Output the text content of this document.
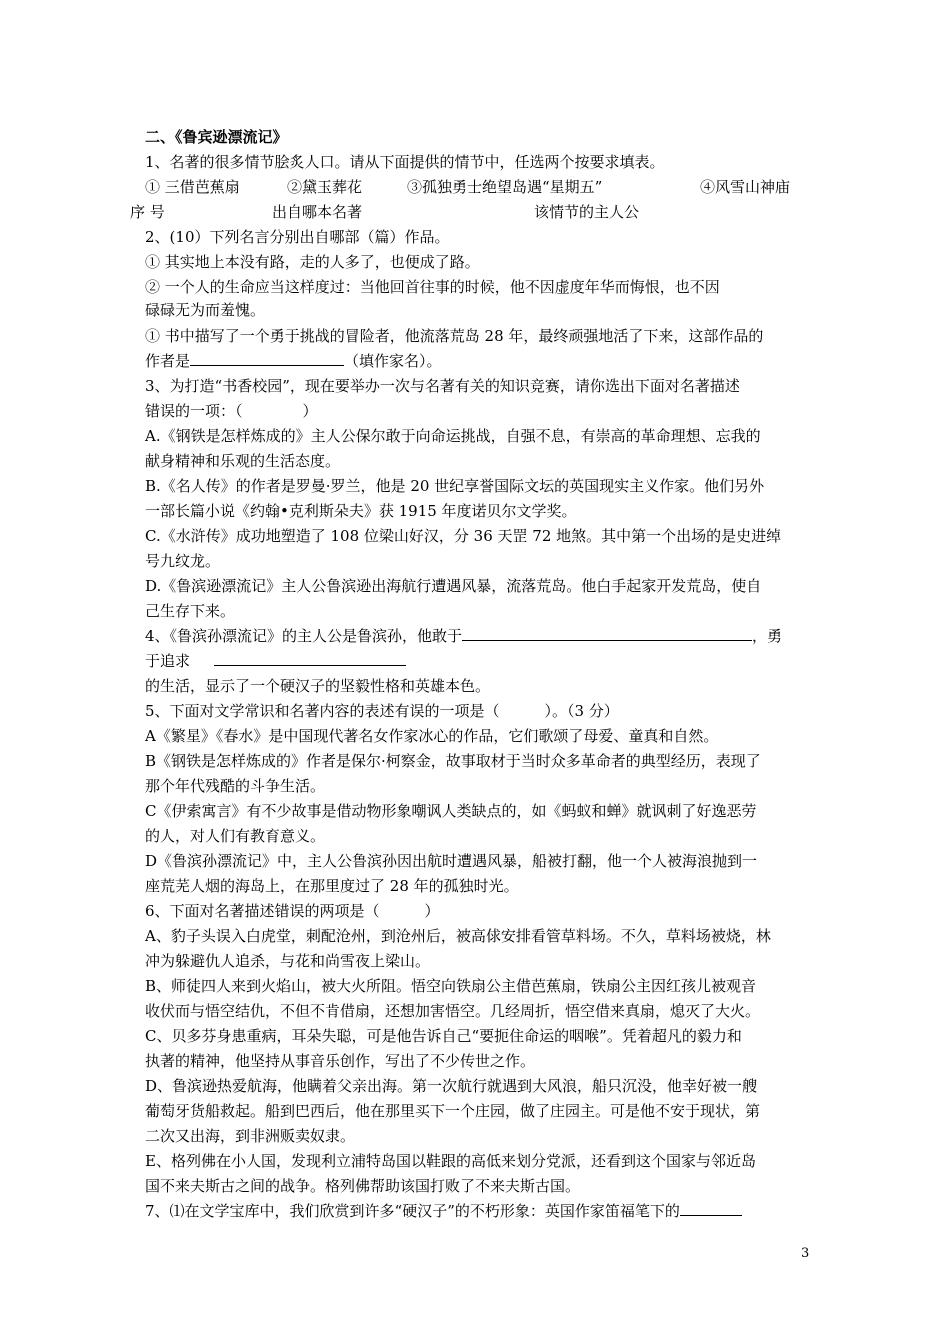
二、《鲁宾逊漂流记》
1、名著的很多情节脍炙人口。请从下面提供的情节中，任选两个按要求填表。
① 三借芭蕉扇	②黛玉葬花	③孤独勇士绝望岛遇“星期五”	④风雪山神庙
序 号	出自哪本名著	该情节的主人公
2、(10）下列名言分别出自哪部（篇）作品。
① 其实地上本没有路，走的人多了，也便成了路。
② 一个人的生命应当这样度过：当他回首往事的时候，他不因虚度年华而悔恨，也不因
碌碌无为而羞愧。
① 书中描写了一个勇于挑战的冒险者，他流落荒岛 28 年，最终顽强地活了下来，这部作品的
作者是	（填作家名）。
3、为打造“书香校园”，现在要举办一次与名著有关的知识竞赛，请你选出下面对名著描述
错误的一项：（　　　　）
A.《钢铁是怎样炼成的》主人公保尔敢于向命运挑战，自强不息，有崇高的革命理想、忘我的
献身精神和乐观的生活态度。
B.《名人传》的作者是罗曼·罗兰，他是 20 世纪享誉国际文坛的英国现实主义作家。他们另外
一部长篇小说《约翰•克利斯朵夫》获 1915 年度诺贝尔文学奖。
C.《水浒传》成功地塑造了 108 位梁山好汉，分 36 天罡 72 地煞。其中第一个出场的是史进绰
号九纹龙。
D.《鲁滨逊漂流记》主人公鲁滨逊出海航行遭遇风暴，流落荒岛。他白手起家开发荒岛，使自
己生存下来。
4、《鲁滨孙漂流记》的主人公是鲁滨孙，他敢于	，勇
于追求
的生活，显示了一个硬汉子的坚毅性格和英雄本色。
5、下面对文学常识和名著内容的表述有误的一项是（　　　）。（3 分）
A《繁星》《春水》是中国现代著名女作家冰心的作品，它们歌颂了母爱、童真和自然。
B《钢铁是怎样炼成的》作者是保尔·柯察金，故事取材于当时众多革命者的典型经历，表现了
那个年代残酷的斗争生活。
C《伊索寓言》有不少故事是借动物形象嘲讽人类缺点的，如《蚂蚁和蝉》就讽刺了好逸恶劳
的人，对人们有教育意义。
D《鲁滨孙漂流记》中，主人公鲁滨孙因出航时遭遇风暴，船被打翻，他一个人被海浪抛到一
座荒芜人烟的海岛上，在那里度过了 28 年的孤独时光。
6、下面对名著描述错误的两项是（　　　）
A、豹子头误入白虎堂，刺配沧州，到沧州后，被高俅安排看管草料场。不久，草料场被烧，林
冲为躲避仇人追杀，与花和尚雪夜上梁山。
B、师徒四人来到火焰山，被大火所阻。悟空向铁扇公主借芭蕉扇，铁扇公主因红孩儿被观音
收伏而与悟空结仇，不但不肯借扇，还想加害悟空。几经周折，悟空借来真扇，熄灭了大火。
C、贝多芬身患重病，耳朵失聪，可是他告诉自己“要扼住命运的咽喉”。凭着超凡的毅力和
执著的精神，他坚持从事音乐创作，写出了不少传世之作。
D、鲁滨逊热爱航海，他瞒着父亲出海。第一次航行就遇到大风浪，船只沉没，他幸好被一艘
葡萄牙货船救起。船到巴西后，他在那里买下一个庄园，做了庄园主。可是他不安于现状，第
二次又出海，到非洲贩卖奴隶。
E、格列佛在小人国，发现利立浦特岛国以鞋跟的高低来划分党派，还看到这个国家与邻近岛
国不来夫斯古之间的战争。格列佛帮助该国打败了不来夫斯古国。
7、⑴在文学宝库中，我们欣赏到许多“硬汉子”的不朽形象：英国作家笛福笔下的
3
